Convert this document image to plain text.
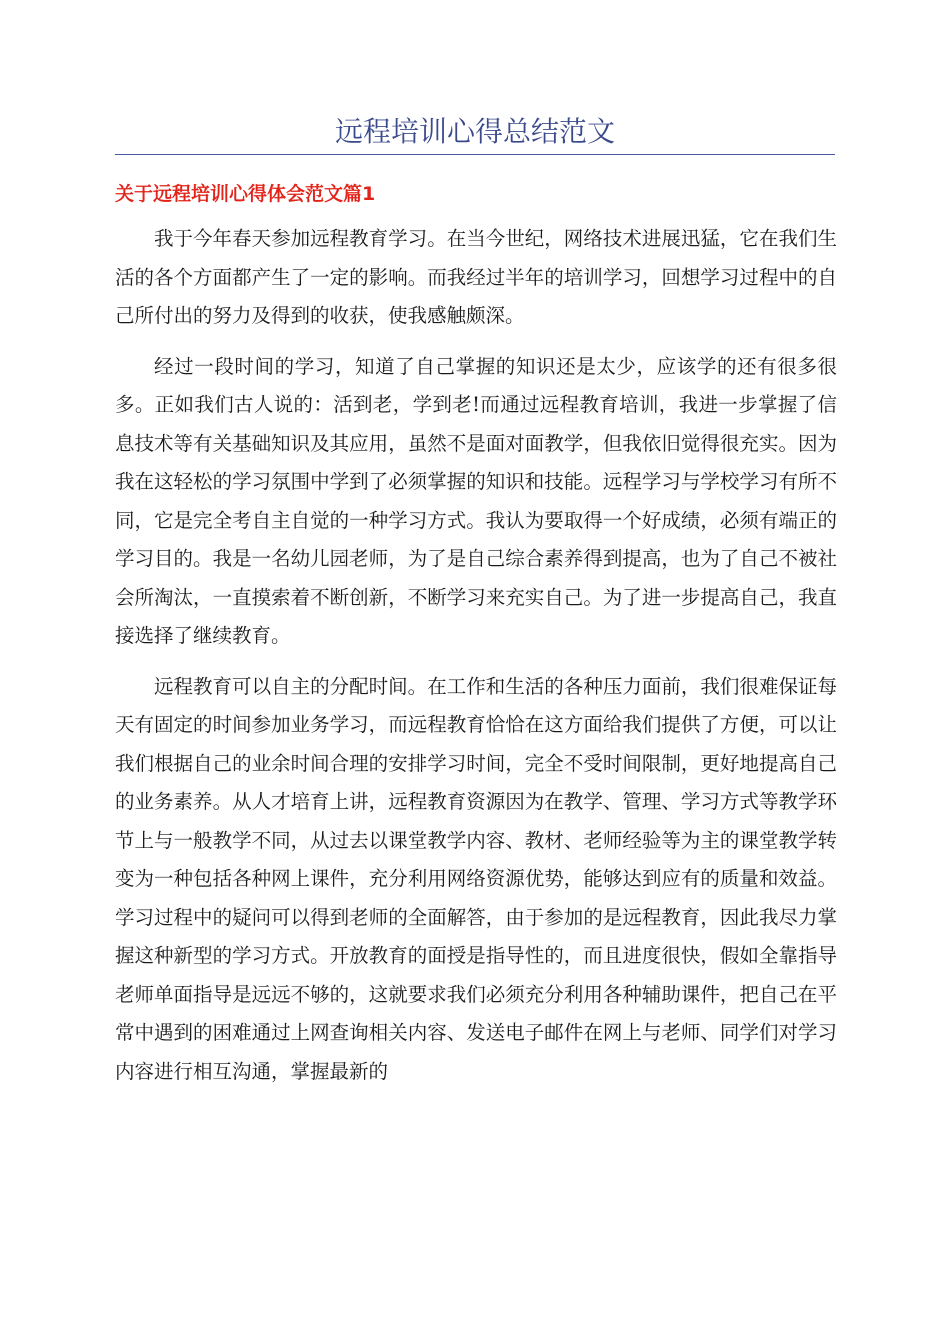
远程培训心得总结范文
关于远程培训心得体会范文篇1

我于今年春天参加远程教育学习。在当今世纪，网络技术进展迅猛，它在我们生活的各个方面都产生了一定的影响。而我经过半年的培训学习，回想学习过程中的自己所付出的努力及得到的收获，使我感触颇深。

经过一段时间的学习，知道了自己掌握的知识还是太少，应该学的还有很多很多。正如我们古人说的：活到老，学到老!而通过远程教育培训，我进一步掌握了信息技术等有关基础知识及其应用，虽然不是面对面教学，但我依旧觉得很充实。因为我在这轻松的学习氛围中学到了必须掌握的知识和技能。远程学习与学校学习有所不同，它是完全考自主自觉的一种学习方式。我认为要取得一个好成绩，必须有端正的学习目的。我是一名幼儿园老师，为了是自己综合素养得到提高，也为了自己不被社会所淘汰，一直摸索着不断创新，不断学习来充实自己。为了进一步提高自己，我直接选择了继续教育。

远程教育可以自主的分配时间。在工作和生活的各种压力面前，我们很难保证每天有固定的时间参加业务学习，而远程教育恰恰在这方面给我们提供了方便，可以让我们根据自己的业余时间合理的安排学习时间，完全不受时间限制，更好地提高自己的业务素养。从人才培育上讲，远程教育资源因为在教学、管理、学习方式等教学环节上与一般教学不同，从过去以课堂教学内容、教材、老师经验等为主的课堂教学转变为一种包括各种网上课件，充分利用网络资源优势，能够达到应有的质量和效益。学习过程中的疑问可以得到老师的全面解答，由于参加的是远程教育，因此我尽力掌握这种新型的学习方式。开放教育的面授是指导性的，而且进度很快，假如全靠指导老师单面指导是远远不够的，这就要求我们必须充分利用各种辅助课件，把自己在平常中遇到的困难通过上网查询相关内容、发送电子邮件在网上与老师、同学们对学习内容进行相互沟通，掌握最新的
